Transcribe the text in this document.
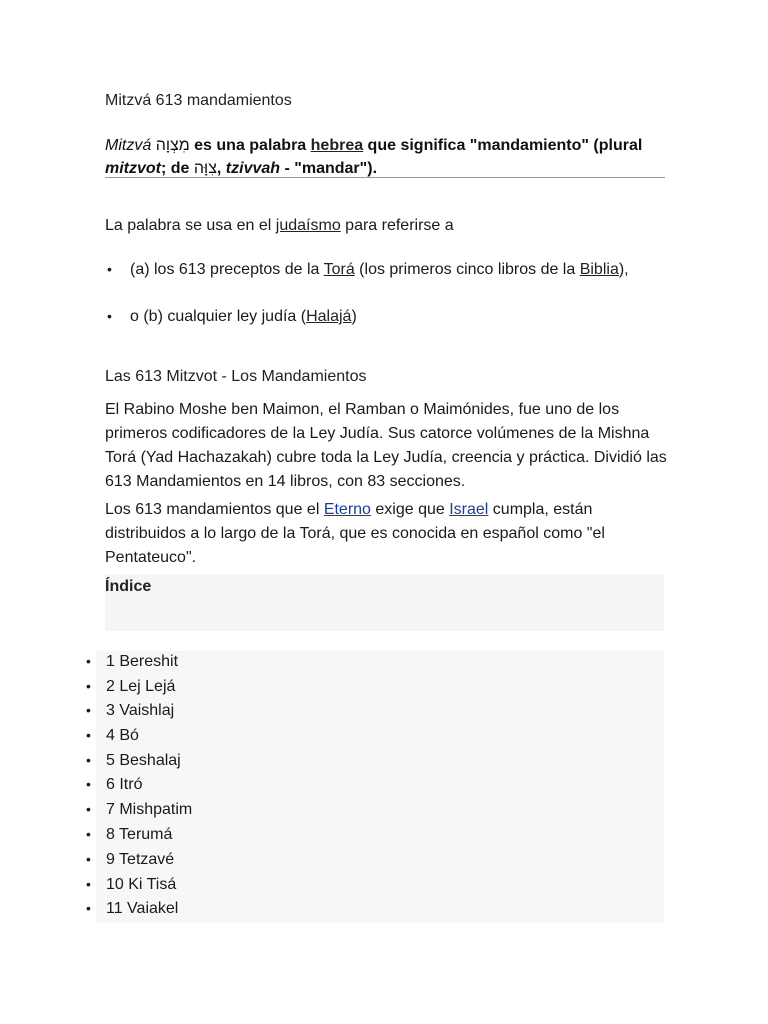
Mitzvá 613 mandamientos
Mitzvá מִצְוָה es una palabra hebrea que significa "mandamiento" (plural mitzvot; de צִוָּה, tzivvah - "mandar").
La palabra se usa en el judaísmo para referirse a
• (a) los 613 preceptos de la Torá (los primeros cinco libros de la Biblia),
• o (b) cualquier ley judía (Halajá)
Las 613 Mitzvot - Los Mandamientos
El Rabino Moshe ben Maimon, el Ramban o Maimónides, fue uno de los primeros codificadores de la Ley Judía. Sus catorce volúmenes de la Mishna Torá (Yad Hachazakah) cubre toda la Ley Judía, creencia y práctica. Dividió las 613 Mandamientos en 14 libros, con 83 secciones.
Los 613 mandamientos que el Eterno exige que Israel cumpla, están distribuidos a lo largo de la Torá, que es conocida en español como "el Pentateuco".
Índice
• 1 Bereshit
• 2 Lej Lejá
• 3 Vaishlaj
• 4 Bó
• 5 Beshalaj
• 6 Itró
• 7 Mishpatim
• 8 Terumá
• 9 Tetzavé
• 10 Ki Tisá
• 11 Vaiakel
